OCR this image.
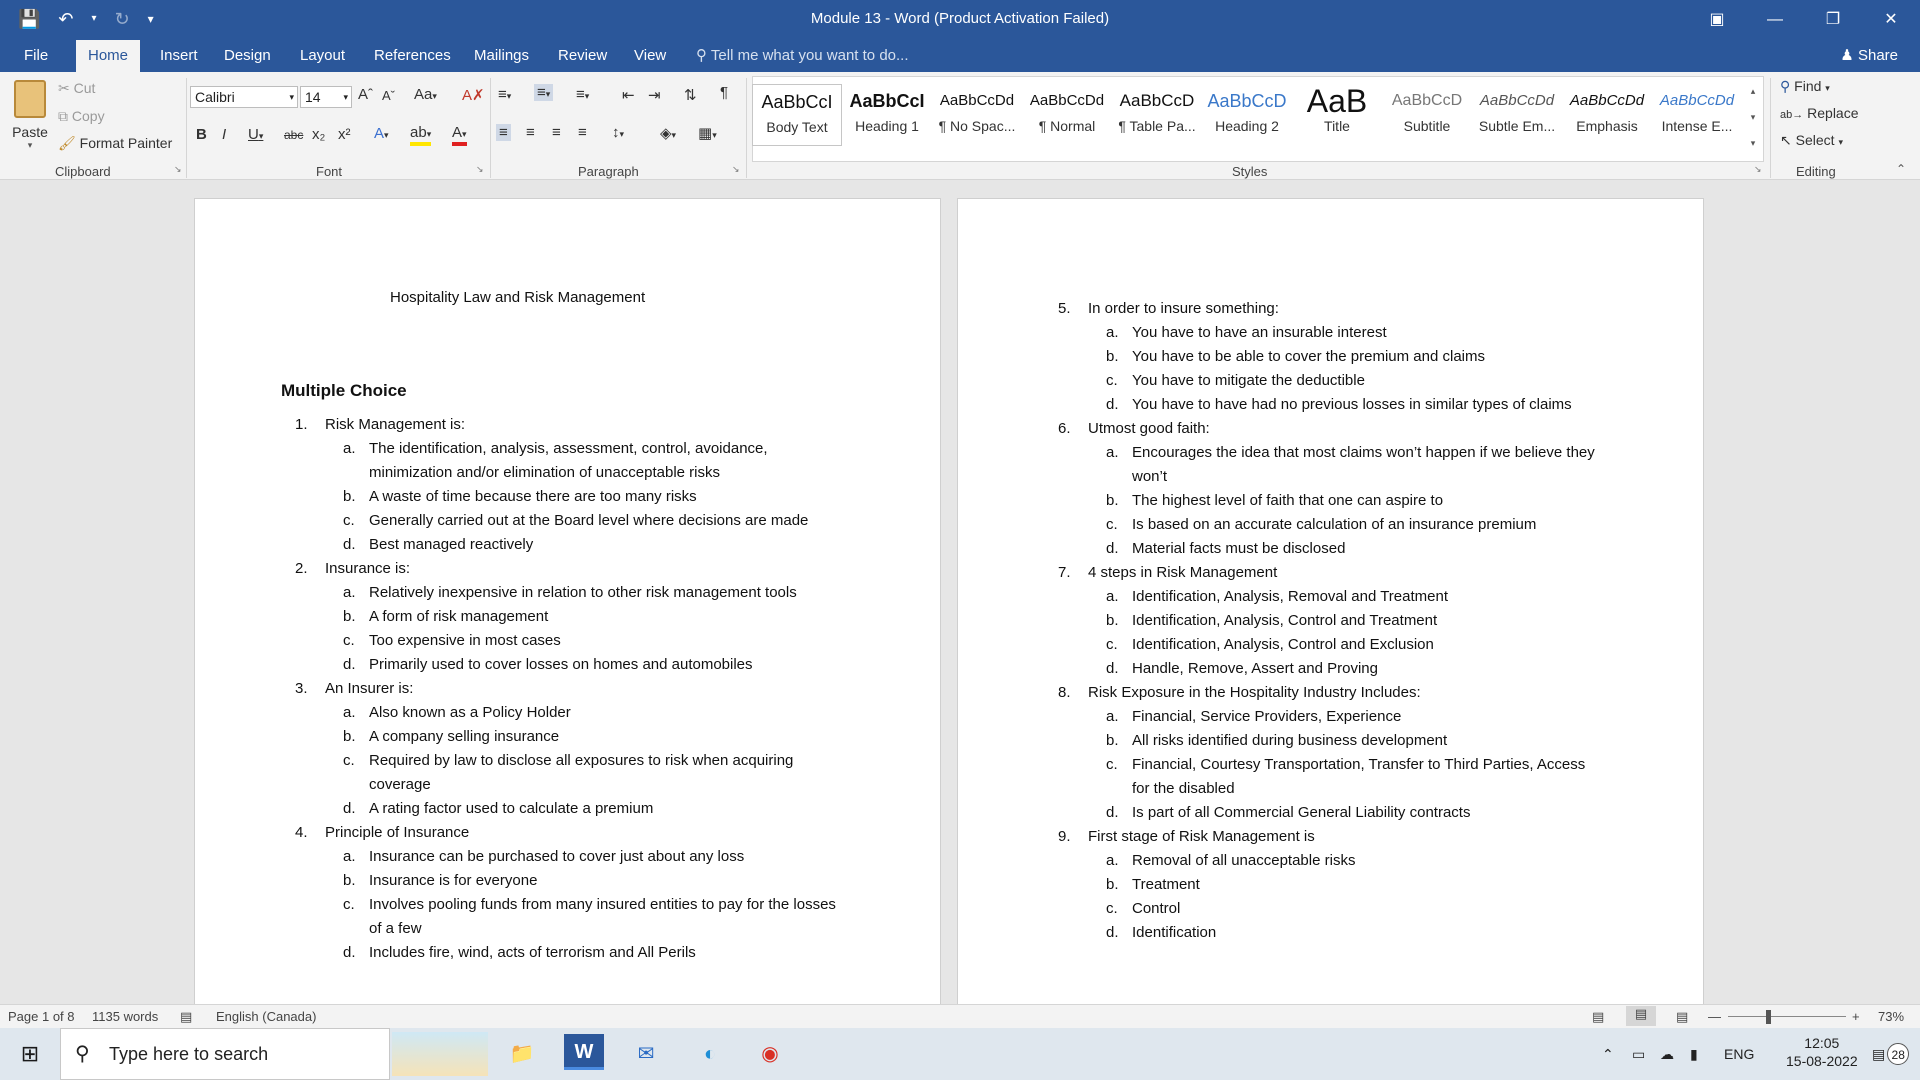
💾 ↶ ▾ ↻ ▾	Module 13 - Word (Product Activation Failed)	▣	—	❐	✕
File	Home	Insert	Design	Layout	References	Mailings	Review	View	⚲ Tell me what you want to do...	♟ Share
Paste
▾
✂ Cut
⧉ Copy
🖌 Format Painter
Clipboard	↘
Calibri	▾ 14	▾ Aˆ Aˇ Aa▾ A✗
B I U▾ abc x₂ x² A▾ ab▾ A▾
Font	↘
≡▾ ≡▾ ≡▾ ⇤ ⇥ ⇅ ¶
≡ ≡ ≡ ≡ ↕▾ ◈▾ ▦▾
Paragraph	↘
AaBbCcI
Body Text
AaBbCcI
Heading 1
AaBbCcDd
¶ No Spac...
AaBbCcDd
¶ Normal
AaBbCcD
¶ Table Pa...
AaBbCcD
Heading 2
AaB
Title
AaBbCcD
Subtitle
AaBbCcDd
Subtle Em...
AaBbCcDd
Emphasis
AaBbCcDd
Intense E...
▴
▾
▾
Styles	↘
⚲ Find ▾
ab→ Replace
↖ Select ▾
Editing	⌃
Hospitality Law and Risk Management
Multiple Choice
1. Risk Management is:
a. The identification, analysis, assessment, control, avoidance, minimization and/or elimination of unacceptable risks
b. A waste of time because there are too many risks
c. Generally carried out at the Board level where decisions are made
d. Best managed reactively
2. Insurance is:
a. Relatively inexpensive in relation to other risk management tools
b. A form of risk management
c. Too expensive in most cases
d. Primarily used to cover losses on homes and automobiles
3. An Insurer is:
a. Also known as a Policy Holder
b. A company selling insurance
c. Required by law to disclose all exposures to risk when acquiring coverage
d. A rating factor used to calculate a premium
4. Principle of Insurance
a. Insurance can be purchased to cover just about any loss
b. Insurance is for everyone
c. Involves pooling funds from many insured entities to pay for the losses of a few
d. Includes fire, wind, acts of terrorism and All Perils
5. In order to insure something:
a. You have to have an insurable interest
b. You have to be able to cover the premium and claims
c. You have to mitigate the deductible
d. You have to have had no previous losses in similar types of claims
6. Utmost good faith:
a. Encourages the idea that most claims won’t happen if we believe they won’t
b. The highest level of faith that one can aspire to
c. Is based on an accurate calculation of an insurance premium
d. Material facts must be disclosed
7. 4 steps in Risk Management
a. Identification, Analysis, Removal and Treatment
b. Identification, Analysis, Control and Treatment
c. Identification, Analysis, Control and Exclusion
d. Handle, Remove, Assert and Proving
8. Risk Exposure in the Hospitality Industry Includes:
a. Financial, Service Providers, Experience
b. All risks identified during business development
c. Financial, Courtesy Transportation, Transfer to Third Parties, Access for the disabled
d. Is part of all Commercial General Liability contracts
9. First stage of Risk Management is
a. Removal of all unacceptable risks
b. Treatment
c. Control
d. Identification
Page 1 of 8 1135 words ▤ English (Canada)	▤	▤	▤ —	+ 73%
⊞	⚲ Type here to search	📁	W	✉	◐	◉	⌃ ▭ ☁ ▮ ENG
12:05
15-08-2022 ▤ 28
